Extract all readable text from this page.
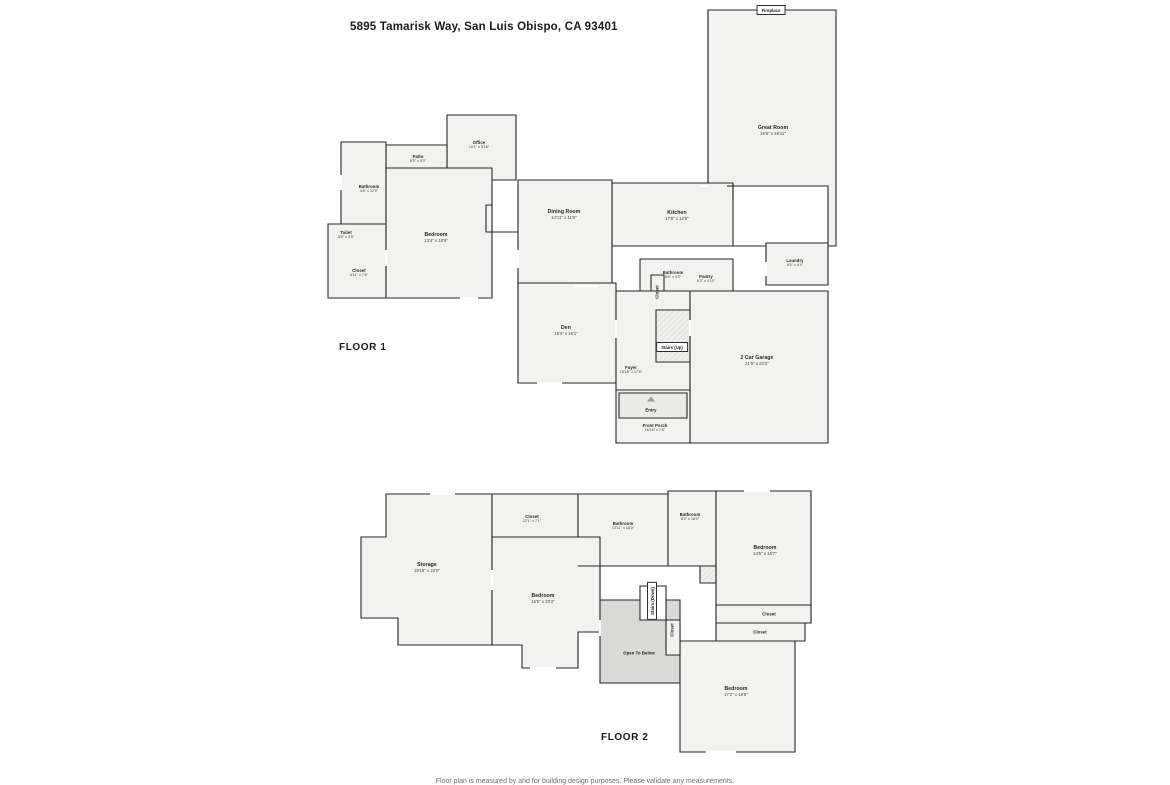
5895 Tamarisk Way, San Luis Obispo, CA 93401
FLOOR 1
Great Room
19'6" x 48'11"
Office
10'1" x 9'18"
Patio
8'5" x 5'3"
Bathroom
4'8" x 12'5"
Toilet
5'6" x 3'5"	Bedroom
13'4" x 18'9"
Closet
6'11" x 7'8"
Dining Room
14'11" x 11'6"
Kitchen
17'8" x 12'5"
Laundry
8'5" x 6'4"
Bathroom
5'9" x 4'3"	Pantry
6'2" x 4'10"
Den
15'4" x 15'1"
2 Car Garage
21'8" x 23'2"
Foyer
18'18" x 17'6"
Front Porch
16'18" x 7'6"
Closet
Fireplace
Stairs (Up)
Entry
FLOOR 2
Closet
12'1" x 7'1"	Bathroom
13'11" x 18'0"
Bathroom
8'3" x 18'0"
Bedroom
14'5" x 16'7"
Storage
19'18" x 22'0"
Bedroom
15'5" x 20'2"
Closet
Closet
Open To Below
Bedroom
17'2" x 19'6"
Closet
Stairs (Down)
Floor plan is measured by and for building design purposes. Please validate any measurements.
